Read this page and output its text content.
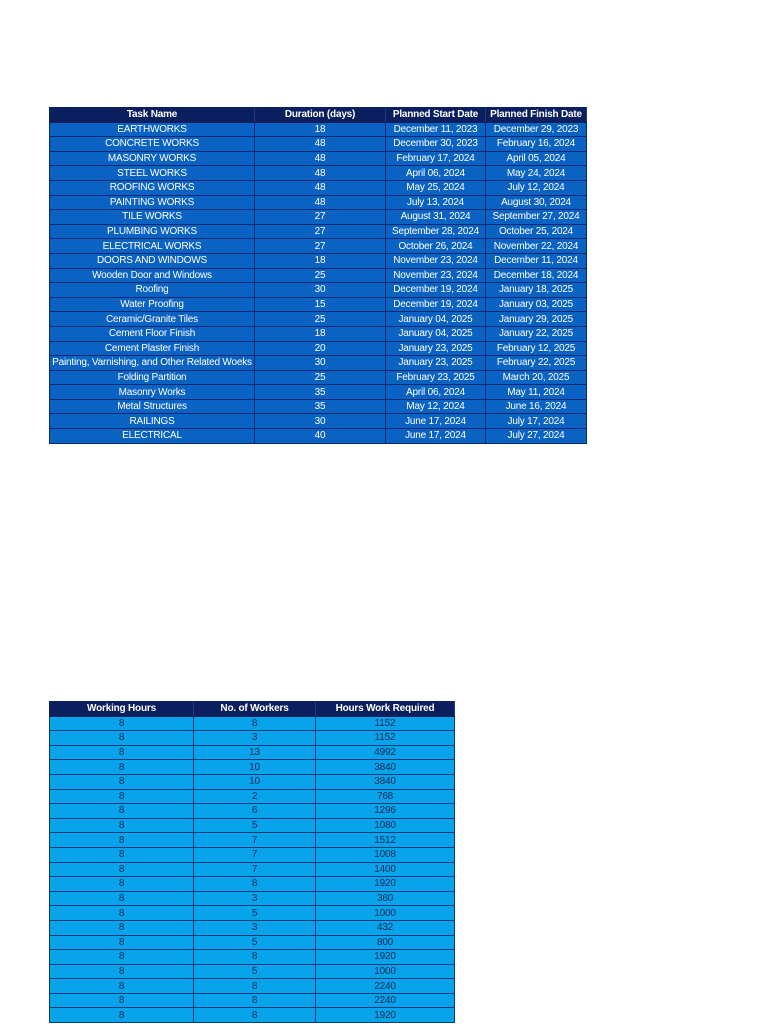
Task Name	Duration (days)	Planned Start Date	Planned Finish Date
EARTHWORKS	18	December 11, 2023	December 29, 2023
CONCRETE WORKS	48	December 30, 2023	February 16, 2024
MASONRY WORKS	48	February 17, 2024	April 05, 2024
STEEL WORKS	48	April 06, 2024	May 24, 2024
ROOFING WORKS	48	May 25, 2024	July 12, 2024
PAINTING WORKS	48	July 13, 2024	August 30, 2024
TILE WORKS	27	August 31, 2024	September 27, 2024
PLUMBING WORKS	27	September 28, 2024	October 25, 2024
ELECTRICAL WORKS	27	October 26, 2024	November 22, 2024
DOORS AND WINDOWS	18	November 23, 2024	December 11, 2024
Wooden Door and Windows	25	November 23, 2024	December 18, 2024
Roofing	30	December 19, 2024	January 18, 2025
Water Proofing	15	December 19, 2024	January 03, 2025
Ceramic/Granite Tiles	25	January 04, 2025	January 29, 2025
Cement Floor Finish	18	January 04, 2025	January 22, 2025
Cement Plaster Finish	20	January 23, 2025	February 12, 2025
Painting, Varnishing, and Other Related Woeks	30	January 23, 2025	February 22, 2025
Folding Partition	25	February 23, 2025	March 20, 2025
Masonry Works	35	April 06, 2024	May 11, 2024
Metal Structures	35	May 12, 2024	June 16, 2024
RAILINGS	30	June 17, 2024	July 17, 2024
ELECTRICAL	40	June 17, 2024	July 27, 2024
Working Hours	No. of Workers	Hours Work Required
8	8	1152
8	3	1152
8	13	4992
8	10	3840
8	10	3840
8	2	768
8	6	1296
8	5	1080
8	7	1512
8	7	1008
8	7	1400
8	8	1920
8	3	360
8	5	1000
8	3	432
8	5	800
8	8	1920
8	5	1000
8	8	2240
8	8	2240
8	8	1920
